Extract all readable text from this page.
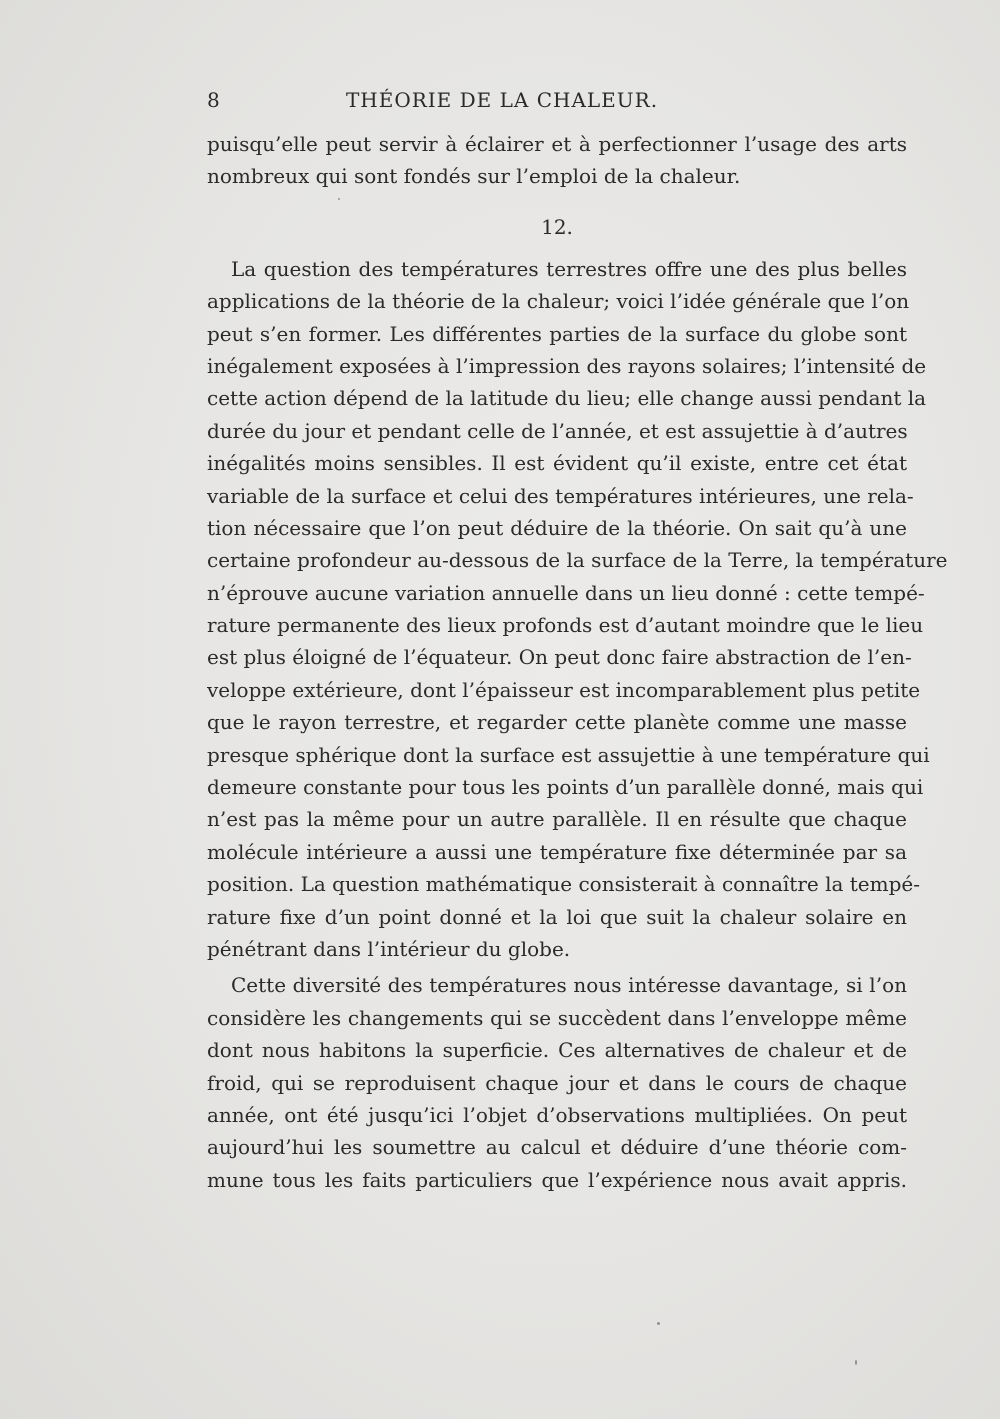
8	THÉORIE DE LA CHALEUR.
puisqu’elle peut servir à éclairer et à perfectionner l’usage des arts
nombreux qui sont fondés sur l’emploi de la chaleur.
12.
La question des températures terrestres offre une des plus belles
applications de la théorie de la chaleur; voici l’idée générale que l’on
peut s’en former. Les différentes parties de la surface du globe sont
inégalement exposées à l’impression des rayons solaires; l’intensité de
cette action dépend de la latitude du lieu; elle change aussi pendant la
durée du jour et pendant celle de l’année, et est assujettie à d’autres
inégalités moins sensibles. Il est évident qu’il existe, entre cet état
variable de la surface et celui des températures intérieures, une rela-
tion nécessaire que l’on peut déduire de la théorie. On sait qu’à une
certaine profondeur au-dessous de la surface de la Terre, la température
n’éprouve aucune variation annuelle dans un lieu donné : cette tempé-
rature permanente des lieux profonds est d’autant moindre que le lieu
est plus éloigné de l’équateur. On peut donc faire abstraction de l’en-
veloppe extérieure, dont l’épaisseur est incomparablement plus petite
que le rayon terrestre, et regarder cette planète comme une masse
presque sphérique dont la surface est assujettie à une température qui
demeure constante pour tous les points d’un parallèle donné, mais qui
n’est pas la même pour un autre parallèle. Il en résulte que chaque
molécule intérieure a aussi une température fixe déterminée par sa
position. La question mathématique consisterait à connaître la tempé-
rature fixe d’un point donné et la loi que suit la chaleur solaire en
pénétrant dans l’intérieur du globe.
Cette diversité des températures nous intéresse davantage, si l’on
considère les changements qui se succèdent dans l’enveloppe même
dont nous habitons la superficie. Ces alternatives de chaleur et de
froid, qui se reproduisent chaque jour et dans le cours de chaque
année, ont été jusqu’ici l’objet d’observations multipliées. On peut
aujourd’hui les soumettre au calcul et déduire d’une théorie com-
mune tous les faits particuliers que l’expérience nous avait appris.
